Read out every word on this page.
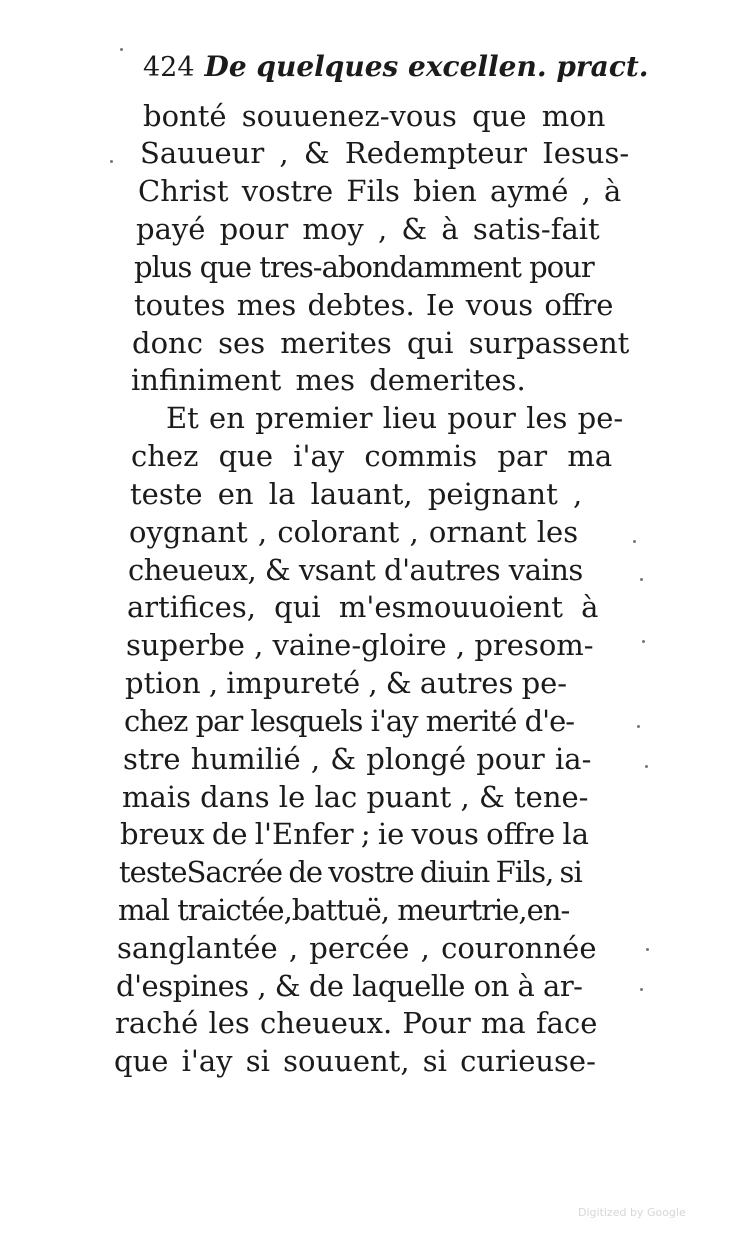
424 De quelques excellen. pract.
bonté souuenez-vous que mon
Sauueur , & Redempteur Iesus-
Christ vostre Fils bien aymé , à
payé pour moy , & à satis-fait
plus que tres-abondamment pour
toutes mes debtes. Ie vous offre
donc ses merites qui surpassent
infiniment mes demerites.
Et en premier lieu pour les pe-
chez que i'ay commis par ma
teste en la lauant, peignant ,
oygnant , colorant , ornant les
cheueux, & vsant d'autres vains
artifices, qui m'esmouuoient à
superbe , vaine-gloire , presom-
ption , impureté , & autres pe-
chez par lesquels i'ay merité d'e-
stre humilié , & plongé pour ia-
mais dans le lac puant , & tene-
breux de l'Enfer ; ie vous offre la
testeSacrée de vostre diuin Fils, si
mal traictée,battuë, meurtrie,en-
sanglantée , percée , couronnée
d'espines , & de laquelle on à ar-
raché les cheueux. Pour ma face
que i'ay si souuent, si curieuse-
Digitized by Google
